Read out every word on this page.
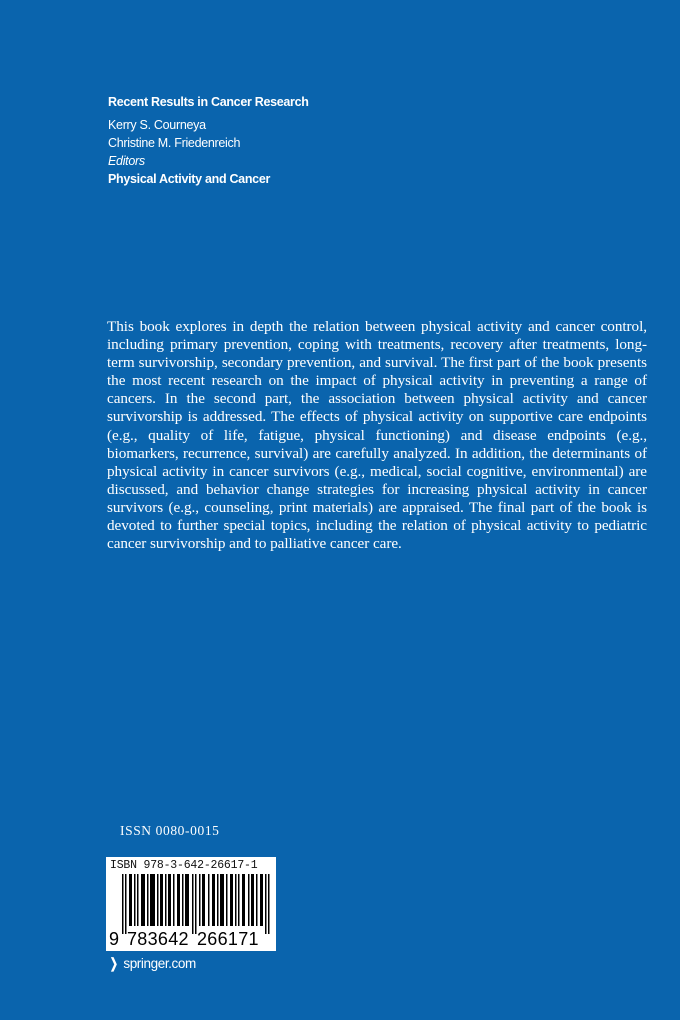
Recent Results in Cancer Research
Kerry S. Courneya
Christine M. Friedenreich
Editors
Physical Activity and Cancer
This book explores in depth the relation between physical activity and cancer control, including primary prevention, coping with treatments, recovery after treatments, long-term survivorship, secondary prevention, and survival. The first part of the book presents the most recent research on the impact of physical activity in preventing a range of cancers. In the second part, the association between physical activity and cancer survivorship is addressed. The effects of physical activity on supportive care endpoints (e.g., quality of life, fatigue, physical functioning) and disease endpoints (e.g., biomarkers, recurrence, survival) are carefully analyzed. In addition, the determinants of physical activity in cancer survivors (e.g., medical, social cognitive, environmental) are discussed, and behavior change strategies for increasing physical activity in cancer survivors (e.g., counseling, print materials) are appraised. The final part of the book is devoted to further special topics, including the relation of physical activity to pediatric cancer survivorship and to palliative cancer care.
ISSN 0080-0015
ISBN 978-3-642-26617-1
9 783642 266171
❯ springer.com
